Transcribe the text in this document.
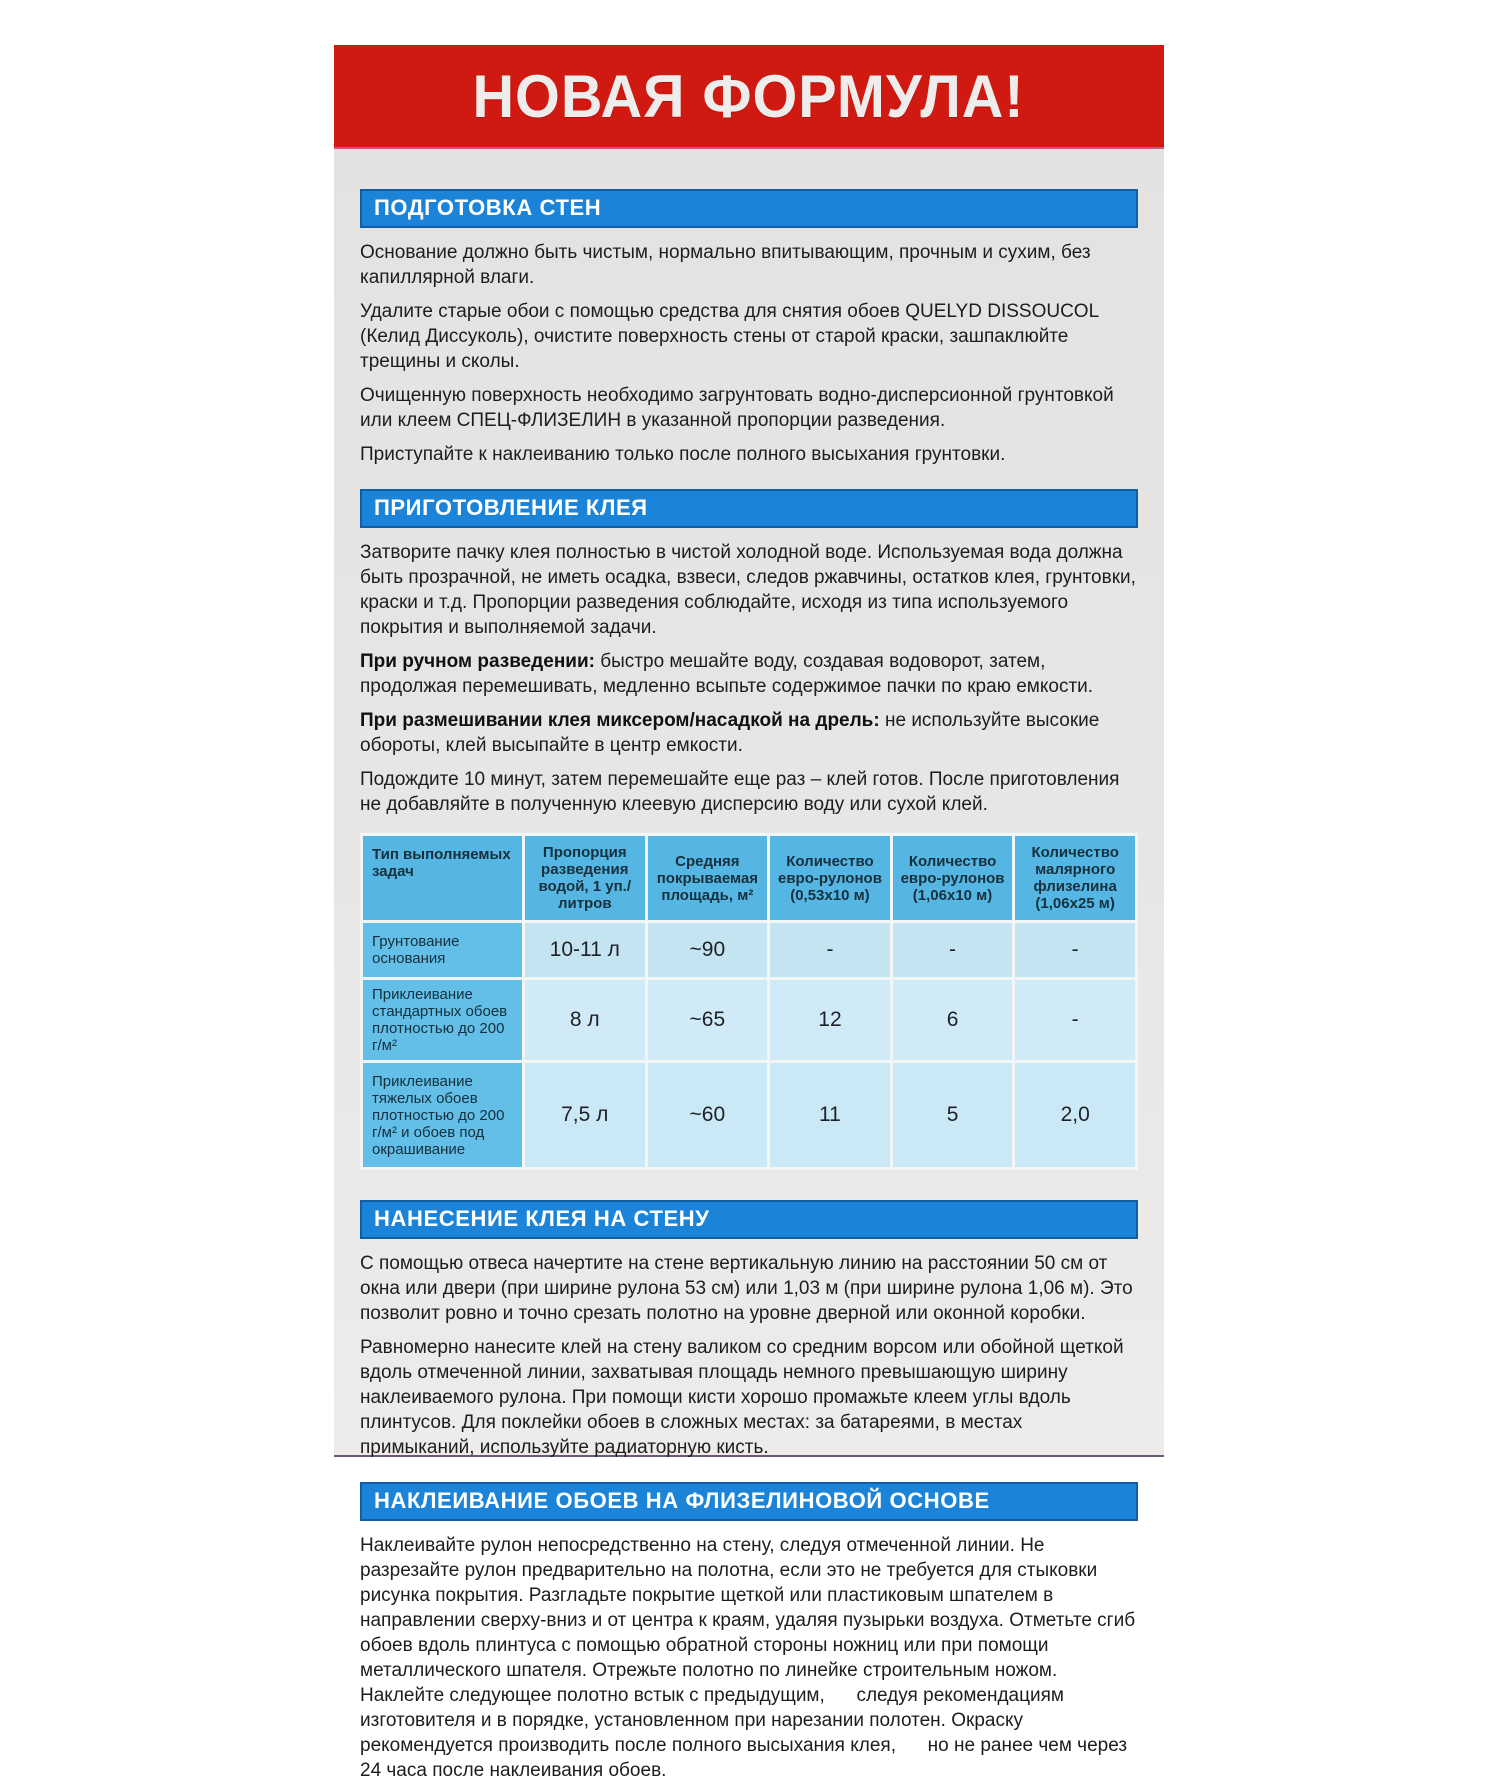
НОВАЯ ФОРМУЛА!
ПОДГОТОВКА СТЕН

Основание должно быть чистым, нормально впитывающим, прочным и сухим, без капиллярной влаги.

Удалите старые обои с помощью средства для снятия обоев QUELYD DISSOUCOL (Келид Диссуколь), очистите поверхность стены от старой краски, зашпаклюйте трещины и сколы.

Очищенную поверхность необходимо загрунтовать водно-дисперсионной грунтовкой или клеем СПЕЦ-ФЛИЗЕЛИН в указанной пропорции разведения.

Приступайте к наклеиванию только после полного высыхания грунтовки.

ПРИГОТОВЛЕНИЕ КЛЕЯ

Затворите пачку клея полностью в чистой холодной воде. Используемая вода должна быть прозрачной, не иметь осадка, взвеси, следов ржавчины, остатков клея, грунтовки, краски и т.д. Пропорции разведения соблюдайте, исходя из типа используемого покрытия и выполняемой задачи.

При ручном разведении: быстро мешайте воду, создавая водоворот, затем, продолжая перемешивать, медленно всыпьте содержимое пачки по краю емкости.

При размешивании клея миксером/насадкой на дрель: не используйте высокие обороты, клей высыпайте в центр емкости.

Подождите 10 минут, затем перемешайте еще раз – клей готов. После приготовления не добавляйте в полученную клеевую дисперсию воду или сухой клей.

Тип выполняемых задач	Пропорция разведения водой, 1 уп./литров	Средняя покрываемая площадь, м²	Количество евро-рулонов (0,53х10 м)	Количество евро-рулонов (1,06х10 м)	Количество малярного флизелина (1,06х25 м)
Грунтование основания	10-11 л	~90	-	-	-
Приклеивание стандартных обоев плотностью до 200 г/м²	8 л	~65	12	6	-
Приклеивание тяжелых обоев плотностью до 200 г/м² и обоев под окрашивание	7,5 л	~60	11	5	2,0
НАНЕСЕНИЕ КЛЕЯ НА СТЕНУ

С помощью отвеса начертите на стене вертикальную линию на расстоянии 50 см от окна или двери (при ширине рулона 53 см) или 1,03 м (при ширине рулона 1,06 м). Это позволит ровно и точно срезать полотно на уровне дверной или оконной коробки.

Равномерно нанесите клей на стену валиком со средним ворсом или обойной щеткой вдоль отмеченной линии, захватывая площадь немного превышающую ширину наклеиваемого рулона. При помощи кисти хорошо промажьте клеем углы вдоль плинтусов. Для поклейки обоев в сложных местах: за батареями, в местах примыканий, используйте радиаторную кисть.

НАКЛЕИВАНИЕ ОБОЕВ НА ФЛИЗЕЛИНОВОЙ ОСНОВЕ

Наклеивайте рулон непосредственно на стену, следуя отмеченной линии. Не разрезайте рулон предварительно на полотна, если это не требуется для стыковки рисунка покрытия. Разгладьте покрытие щеткой или пластиковым шпателем в направлении сверху-вниз и от центра к краям, удаляя пузырьки воздуха. Отметьте сгиб обоев вдоль плинтуса с помощью обратной стороны ножниц или при помощи металлического шпателя. Отрежьте полотно по линейке строительным ножом. Наклейте следующее полотно встык с предыдущим,      следуя рекомендациям изготовителя и в порядке, установленном при нарезании полотен. Окраску рекомендуется производить после полного высыхания клея,      но не ранее чем через 24 часа после наклеивания обоев.
